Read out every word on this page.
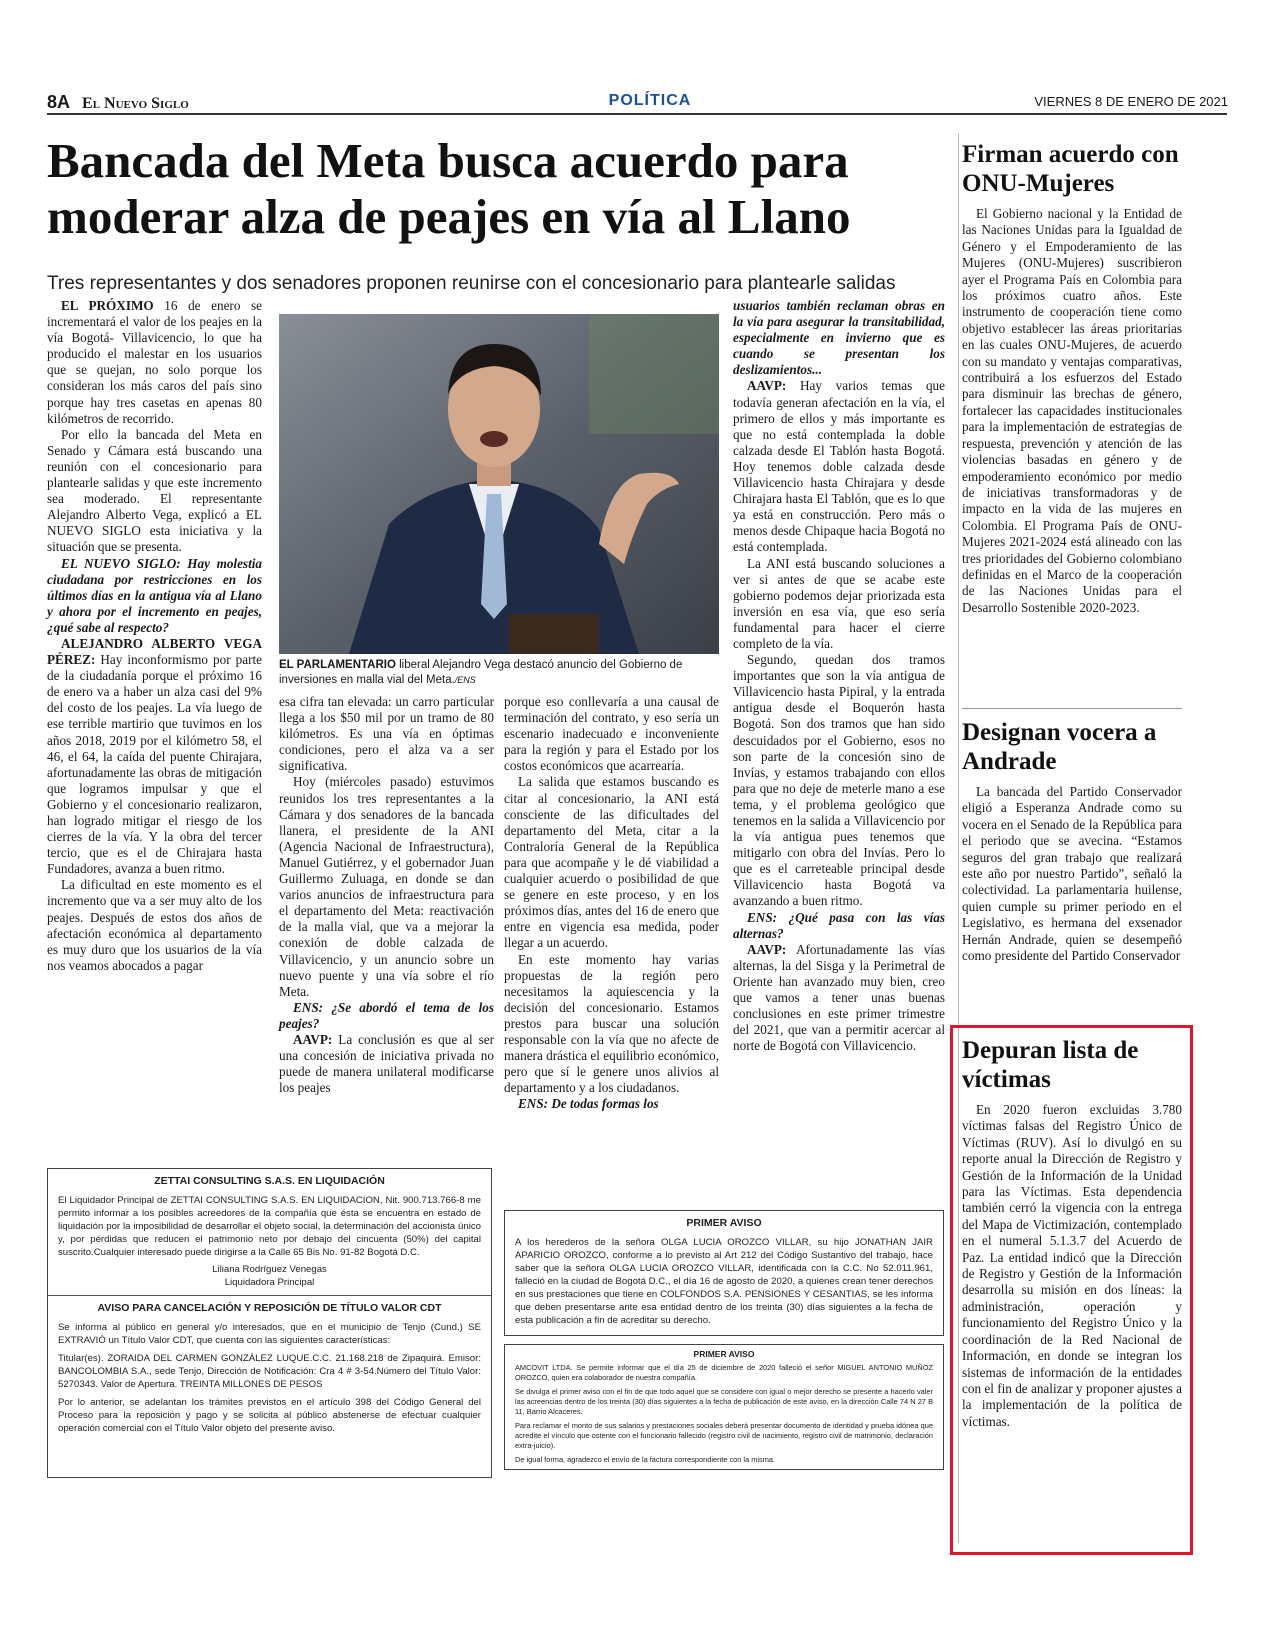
8A El Nuevo Siglo	POLÍTICA	VIERNES 8 DE ENERO DE 2021
Bancada del Meta busca acuerdo para moderar alza de peajes en vía al Llano
Tres representantes y dos senadores proponen reunirse con el concesionario para plantearle salidas

EL PRÓXIMO 16 de enero se incrementará el valor de los peajes en la vía Bogotá- Villavicencio, lo que ha producido el malestar en los usuarios que se quejan, no solo porque los consideran los más caros del país sino porque hay tres casetas en apenas 80 kilómetros de recorrido.

Por ello la bancada del Meta en Senado y Cámara está buscando una reunión con el concesionario para plantearle salidas y que este incremento sea moderado. El representante Alejandro Alberto Vega, explicó a EL NUEVO SIGLO esta iniciativa y la situación que se presenta.

EL NUEVO SIGLO: Hay molestia ciudadana por restricciones en los últimos días en la antigua vía al Llano y ahora por el incremento en peajes, ¿qué sabe al respecto?

ALEJANDRO ALBERTO VEGA PÉREZ: Hay inconformismo por parte de la ciudadanía porque el próximo 16 de enero va a haber un alza casi del 9% del costo de los peajes. La vía luego de ese terrible martirio que tuvimos en los años 2018, 2019 por el kilómetro 58, el 46, el 64, la caída del puente Chirajara, afortunadamente las obras de mitigación que logramos impulsar y que el Gobierno y el concesionario realizaron, han logrado mitigar el riesgo de los cierres de la vía. Y la obra del tercer tercio, que es el de Chirajara hasta Fundadores, avanza a buen ritmo.

La dificultad en este momento es el incremento que va a ser muy alto de los peajes. Después de estos dos años de afectación económica al departamento es muy duro que los usuarios de la vía nos veamos abocados a pagar

EL PARLAMENTARIO liberal Alejandro Vega destacó anuncio del Gobierno de inversiones en malla vial del Meta./ENS

esa cifra tan elevada: un carro particular llega a los $50 mil por un tramo de 80 kilómetros. Es una vía en óptimas condiciones, pero el alza va a ser significativa.

Hoy (miércoles pasado) estuvimos reunidos los tres representantes a la Cámara y dos senadores de la bancada llanera, el presidente de la ANI (Agencia Nacional de Infraestructura), Manuel Gutiérrez, y el gobernador Juan Guillermo Zuluaga, en donde se dan varios anuncios de infraestructura para el departamento del Meta: reactivación de la malla vial, que va a mejorar la conexión de doble calzada de Villavicencio, y un anuncio sobre un nuevo puente y una vía sobre el río Meta.

ENS: ¿Se abordó el tema de los peajes?

AAVP: La conclusión es que al ser una concesión de iniciativa privada no puede de manera unilateral modificarse los peajes

porque eso conllevaría a una causal de terminación del contrato, y eso sería un escenario inadecuado e inconveniente para la región y para el Estado por los costos económicos que acarrearía.

La salida que estamos buscando es citar al concesionario, la ANI está consciente de las dificultades del departamento del Meta, citar a la Contraloría General de la República para que acompañe y le dé viabilidad a cualquier acuerdo o posibilidad de que se genere en este proceso, y en los próximos días, antes del 16 de enero que entre en vigencia esa medida, poder llegar a un acuerdo.

En este momento hay varias propuestas de la región pero necesitamos la aquiescencia y la decisión del concesionario. Estamos prestos para buscar una solución responsable con la vía que no afecte de manera drástica el equilibrio económico, pero que sí le genere unos alivios al departamento y a los ciudadanos.

ENS: De todas formas los

usuarios también reclaman obras en la vía para asegurar la transitabilidad, especialmente en invierno que es cuando se presentan los deslizamientos...

AAVP: Hay varios temas que todavía generan afectación en la vía, el primero de ellos y más importante es que no está contemplada la doble calzada desde El Tablón hasta Bogotá. Hoy tenemos doble calzada desde Villavicencio hasta Chirajara y desde Chirajara hasta El Tablón, que es lo que ya está en construcción. Pero más o menos desde Chipaque hacia Bogotá no está contemplada.

La ANI está buscando soluciones a ver si antes de que se acabe este gobierno podemos dejar priorizada esta inversión en esa vía, que eso sería fundamental para hacer el cierre completo de la vía.

Segundo, quedan dos tramos importantes que son la vía antigua de Villavicencio hasta Pipiral, y la entrada antigua desde el Boquerón hasta Bogotá. Son dos tramos que han sido descuidados por el Gobierno, esos no son parte de la concesión sino de Invías, y estamos trabajando con ellos para que no deje de meterle mano a ese tema, y el problema geológico que tenemos en la salida a Villavicencio por la vía antigua pues tenemos que mitigarlo con obra del Invías. Pero lo que es el carreteable principal desde Villavicencio hasta Bogotá va avanzando a buen ritmo.

ENS: ¿Qué pasa con las vías alternas?

AAVP: Afortunadamente las vías alternas, la del Sisga y la Perimetral de Oriente han avanzado muy bien, creo que vamos a tener unas buenas conclusiones en este primer trimestre del 2021, que van a permitir acercar al norte de Bogotá con Villavicencio.

Firman acuerdo con ONU-Mujeres

El Gobierno nacional y la Entidad de las Naciones Unidas para la Igualdad de Género y el Empoderamiento de las Mujeres (ONU-Mujeres) suscribieron ayer el Programa País en Colombia para los próximos cuatro años. Este instrumento de cooperación tiene como objetivo establecer las áreas prioritarias en las cuales ONU-Mujeres, de acuerdo con su mandato y ventajas comparativas, contribuirá a los esfuerzos del Estado para disminuir las brechas de género, fortalecer las capacidades institucionales para la implementación de estrategias de respuesta, prevención y atención de las violencias basadas en género y de empoderamiento económico por medio de iniciativas transformadoras y de impacto en la vida de las mujeres en Colombia. El Programa País de ONU-Mujeres 2021-2024 está alineado con las tres prioridades del Gobierno colombiano definidas en el Marco de la cooperación de las Naciones Unidas para el Desarrollo Sostenible 2020-2023.

Designan vocera a Andrade

La bancada del Partido Conservador eligió a Esperanza Andrade como su vocera en el Senado de la República para el periodo que se avecina. “Estamos seguros del gran trabajo que realizará este año por nuestro Partido”, señaló la colectividad. La parlamentaria huilense, quien cumple su primer periodo en el Legislativo, es hermana del exsenador Hernán Andrade, quien se desempeñó como presidente del Partido Conservador

Depuran lista de víctimas

En 2020 fueron excluidas 3.780 víctimas falsas del Registro Único de Víctimas (RUV). Así lo divulgó en su reporte anual la Dirección de Registro y Gestión de la Información de la Unidad para las Víctimas. Esta dependencia también cerró la vigencia con la entrega del Mapa de Victimización, contemplado en el numeral 5.1.3.7 del Acuerdo de Paz. La entidad indicó que la Dirección de Registro y Gestión de la Información desarrolla su misión en dos líneas: la administración, operación y funcionamiento del Registro Único y la coordinación de la Red Nacional de Información, en donde se integran los sistemas de información de la entidades con el fin de analizar y proponer ajustes a la implementación de la política de víctimas.

ZETTAI CONSULTING S.A.S. EN LIQUIDACIÓN

El Liquidador Principal de ZETTAI CONSULTING S.A.S. EN LIQUIDACION, Nit. 900.713.766-8 me permito informar a los posibles acreedores de la compañía que ésta se encuentra en estado de liquidación por la imposibilidad de desarrollar el objeto social, la determinación del accionista único y, por pérdidas que reducen el patrimonio neto por debajo del cincuenta (50%) del capital suscrito.Cualquier interesado puede dirigirse a la Calle 65 Bis No. 91-82 Bogotá D.C.

Liliana Rodríguez Venegas
Liquidadora Principal
AVISO PARA CANCELACIÓN Y REPOSICIÓN DE TÍTULO VALOR CDT

Se informa al público en general y/o interesados, que en el municipio de Tenjo (Cund.) SE EXTRAVIÓ un Título Valor CDT, que cuenta con las siguientes características:

Titular(es). ZORAIDA DEL CARMEN GONZÁLEZ LUQUE.C.C. 21.168.218 de Zipaquirá. Emisor: BANCOLOMBIA S.A., sede Tenjo, Dirección de Notificación: Cra 4 # 3-54.Número del Título Valor: 5270343. Valor de Apertura. TREINTA MILLONES DE PESOS

Por lo anterior, se adelantan los trámites previstos en el artículo 398 del Código General del Proceso para la reposición y pago y se solicita al público abstenerse de efectuar cualquier operación comercial con el Título Valor objeto del presente aviso.

PRIMER AVISO

A los herederos de la señora OLGA LUCIA OROZCO VILLAR, su hijo JONATHAN JAIR APARICIO OROZCO, conforme a lo previsto al Art 212 del Código Sustantivo del trabajo, hace saber que la señora OLGA LUCIA OROZCO VILLAR, identificada con la C.C. No 52.011.961, falleció en la ciudad de Bogotá D.C., el día 16 de agosto de 2020, a quienes crean tener derechos en sus prestaciones que tiene en COLFONDOS S.A. PENSIONES Y CESANTIAS, se les informa que deben presentarse ante esa entidad dentro de los treinta (30) días siguientes a la fecha de esta publicación a fin de acreditar su derecho.

PRIMER AVISO

AMCOVIT LTDA. Se permite informar que el día 25 de diciembre de 2020 falleció el señor MIGUEL ANTONIO MUÑOZ OROZCO, quien era colaborador de nuestra compañía.

Se divulga el primer aviso con el fin de que todo aquel que se considere con igual o mejor derecho se presente a hacerlo valer las acreencias dentro de los treinta (30) días siguientes a la fecha de publicación de este aviso, en la dirección Calle 74 N 27 B 11, Barrio Alcaceres.

Para reclamar el monto de sus salarios y prestaciones sociales deberá presentar documento de identidad y prueba idónea que acredite el vínculo que ostente con el funcionario fallecido (registro civil de nacimiento, registro civil de matrimonio, declaración extra-juicio).

De igual forma, agradezco el envío de la factura correspondiente con la misma.
